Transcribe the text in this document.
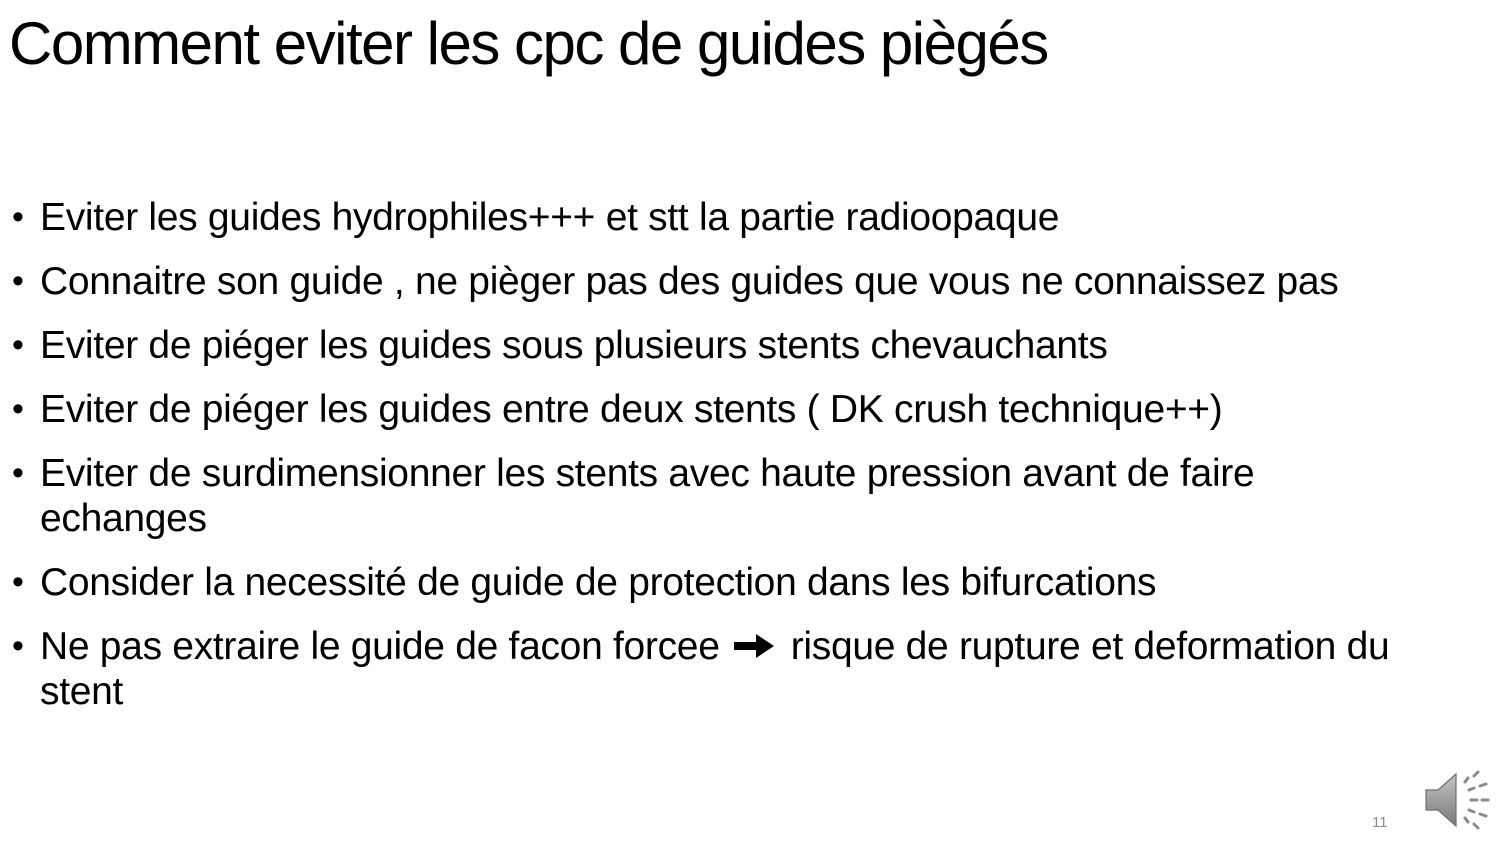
Comment eviter les cpc de guides piègés
• Eviter les guides hydrophiles+++ et stt la partie radioopaque
• Connaitre son guide , ne piѐger pas des guides que vous ne connaissez pas
• Eviter de piéger les guides sous plusieurs stents chevauchants
• Eviter de piéger les guides entre deux stents ( DK crush technique++)
• Eviter de surdimensionner les stents avec haute pression avant de faire echanges
• Consider la necessité de guide de protection dans les bifurcations
• Ne pas extraire le guide de facon forcee risque de rupture et deformation du stent
11
